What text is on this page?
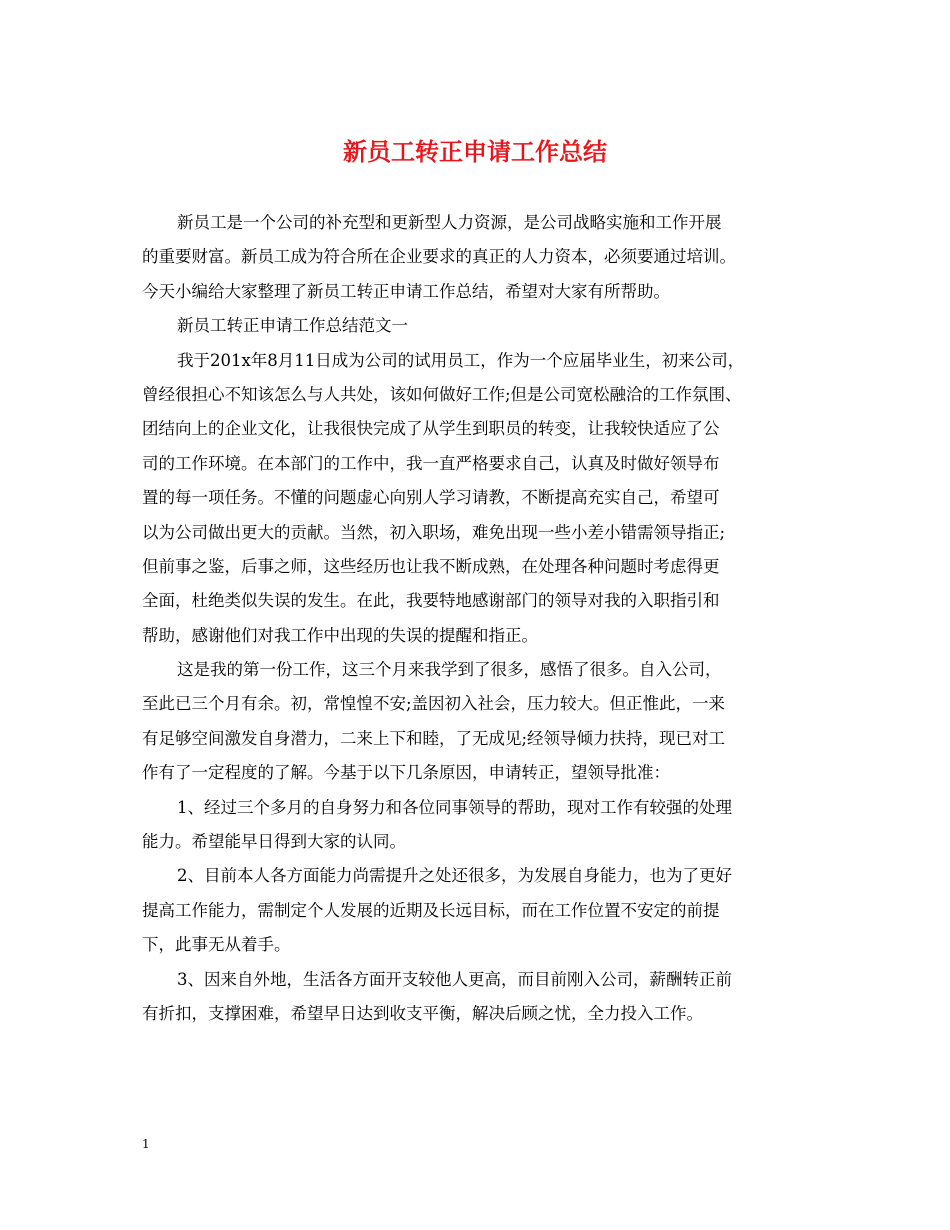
新员工转正申请工作总结
新员工是一个公司的补充型和更新型人力资源，是公司战略实施和工作开展
的重要财富。新员工成为符合所在企业要求的真正的人力资本，必须要通过培训。
今天小编给大家整理了新员工转正申请工作总结，希望对大家有所帮助。
新员工转正申请工作总结范文一
我于201x年8月11日成为公司的试用员工，作为一个应届毕业生，初来公司，
曾经很担心不知该怎么与人共处，该如何做好工作;但是公司宽松融洽的工作氛围、
团结向上的企业文化，让我很快完成了从学生到职员的转变，让我较快适应了公
司的工作环境。在本部门的工作中，我一直严格要求自己，认真及时做好领导布
置的每一项任务。不懂的问题虚心向别人学习请教，不断提高充实自己，希望可
以为公司做出更大的贡献。当然，初入职场，难免出现一些小差小错需领导指正;
但前事之鉴，后事之师，这些经历也让我不断成熟，在处理各种问题时考虑得更
全面，杜绝类似失误的发生。在此，我要特地感谢部门的领导对我的入职指引和
帮助，感谢他们对我工作中出现的失误的提醒和指正。
这是我的第一份工作，这三个月来我学到了很多，感悟了很多。自入公司，
至此已三个月有余。初，常惶惶不安;盖因初入社会，压力较大。但正惟此，一来
有足够空间激发自身潜力，二来上下和睦，了无成见;经领导倾力扶持，现已对工
作有了一定程度的了解。今基于以下几条原因，申请转正，望领导批准：
1、经过三个多月的自身努力和各位同事领导的帮助，现对工作有较强的处理
能力。希望能早日得到大家的认同。
2、目前本人各方面能力尚需提升之处还很多，为发展自身能力，也为了更好
提高工作能力，需制定个人发展的近期及长远目标，而在工作位置不安定的前提
下，此事无从着手。
3、因来自外地，生活各方面开支较他人更高，而目前刚入公司，薪酬转正前
有折扣，支撑困难，希望早日达到收支平衡，解决后顾之忧，全力投入工作。
1
